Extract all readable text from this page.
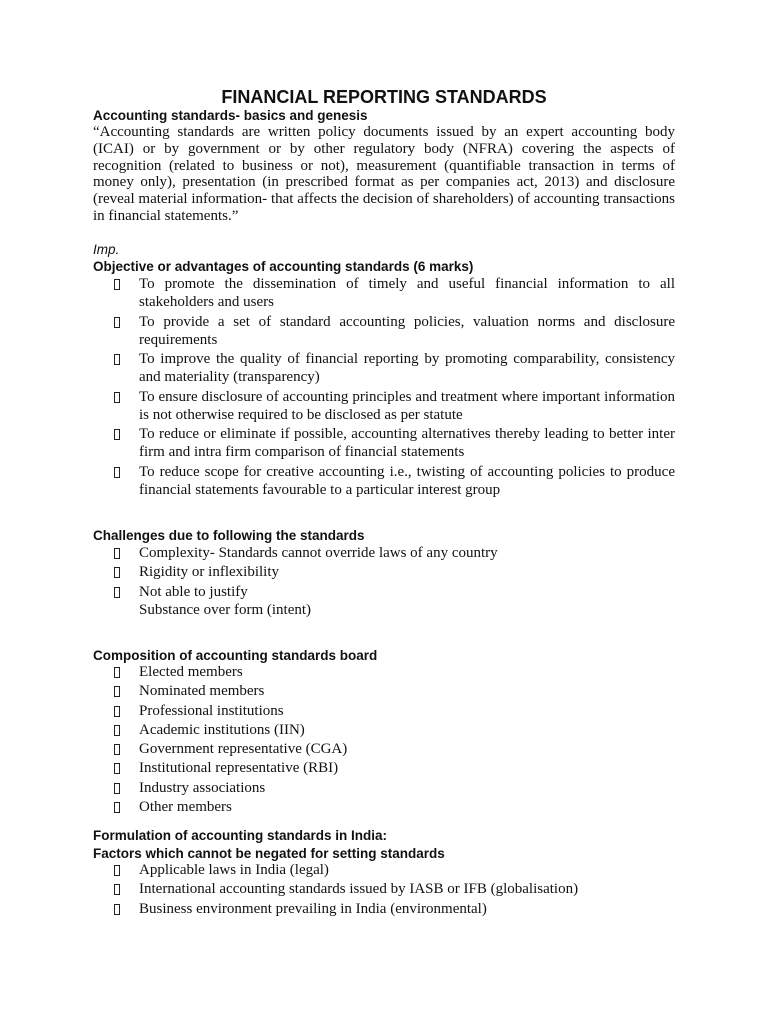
FINANCIAL REPORTING STANDARDS
Accounting standards- basics and genesis
“Accounting standards are written policy documents issued by an expert accounting body (ICAI) or by government or by other regulatory body (NFRA) covering the aspects of recognition (related to business or not), measurement (quantifiable transaction in terms of money only), presentation (in prescribed format as per companies act, 2013) and disclosure (reveal material information- that affects the decision of shareholders) of accounting transactions in financial statements.”
Imp.
Objective or advantages of accounting standards (6 marks)
To promote the dissemination of timely and useful financial information to all stakeholders and users
To provide a set of standard accounting policies, valuation norms and disclosure requirements
To improve the quality of financial reporting by promoting comparability, consistency and materiality (transparency)
To ensure disclosure of accounting principles and treatment where important information is not otherwise required to be disclosed as per statute
To reduce or eliminate if possible, accounting alternatives thereby leading to better inter firm and intra firm comparison of financial statements
To reduce scope for creative accounting i.e., twisting of accounting policies to produce financial statements favourable to a particular interest group
Challenges due to following the standards
Complexity- Standards cannot override laws of any country
Rigidity or inflexibility
Not able to justify
Substance over form (intent)
Composition of accounting standards board
Elected members
Nominated members
Professional institutions
Academic institutions (IIN)
Government representative (CGA)
Institutional representative (RBI)
Industry associations
Other members
Formulation of accounting standards in India:
Factors which cannot be negated for setting standards
Applicable laws in India (legal)
International accounting standards issued by IASB or IFB (globalisation)
Business environment prevailing in India (environmental)
